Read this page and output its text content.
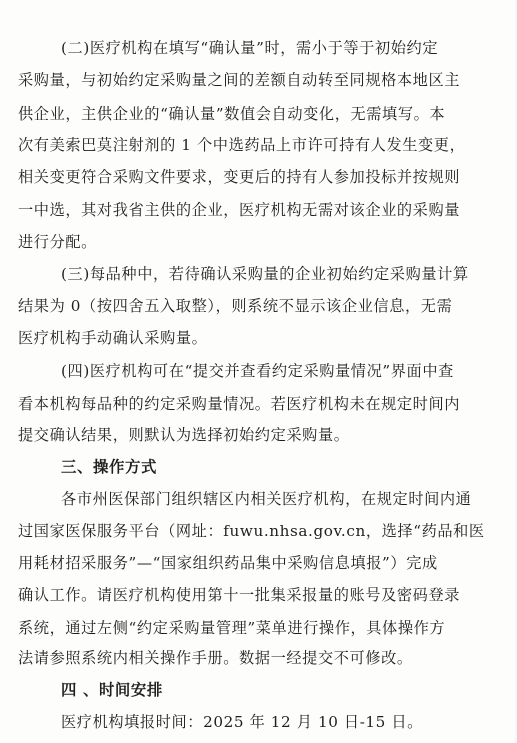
(二)医疗机构在填写“确认量”时，需小于等于初始约定
采购量，与初始约定采购量之间的差额自动转至同规格本地区主
供企业，主供企业的“确认量”数值会自动变化，无需填写。本
次有美索巴莫注射剂的 1 个中选药品上市许可持有人发生变更，
相关变更符合采购文件要求，变更后的持有人参加投标并按规则
一中选，其对我省主供的企业，医疗机构无需对该企业的采购量
进行分配。
(三)每品种中，若待确认采购量的企业初始约定采购量计算
结果为 0（按四舍五入取整），则系统不显示该企业信息，无需
医疗机构手动确认采购量。
(四)医疗机构可在“提交并查看约定采购量情况”界面中查
看本机构每品种的约定采购量情况。若医疗机构未在规定时间内
提交确认结果，则默认为选择初始约定采购量。
三、操作方式
各市州医保部门组织辖区内相关医疗机构，在规定时间内通
过国家医保服务平台（网址：fuwu.nhsa.gov.cn，选择“药品和医
用耗材招采服务”—“国家组织药品集中采购信息填报”）完成
确认工作。请医疗机构使用第十一批集采报量的账号及密码登录
系统，通过左侧“约定采购量管理”菜单进行操作，具体操作方
法请参照系统内相关操作手册。数据一经提交不可修改。
四 、时间安排
医疗机构填报时间：2025 年 12 月 10 日-15 日。
